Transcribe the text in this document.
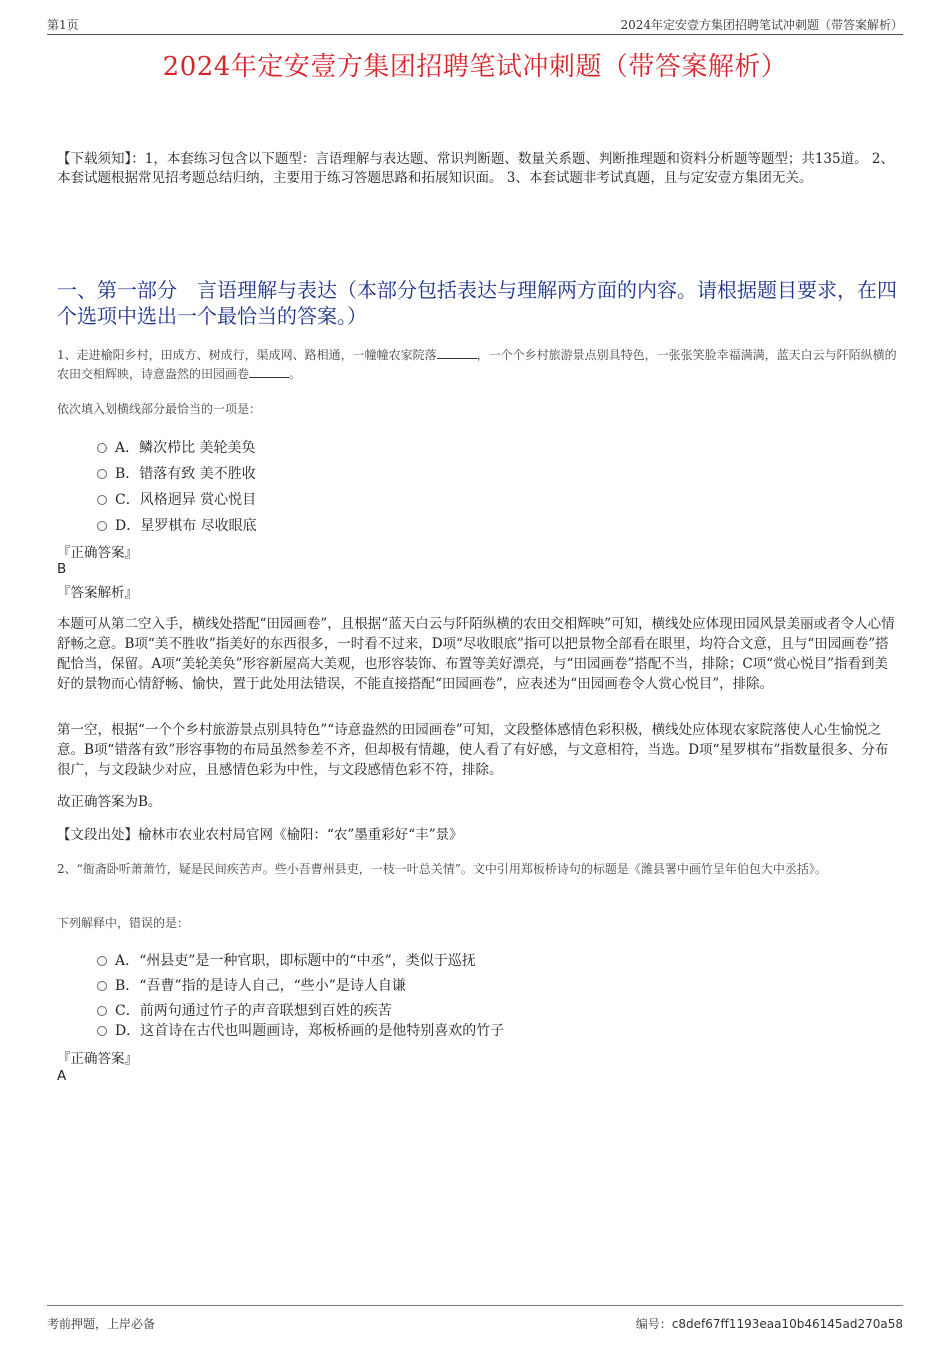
第1页	2024年定安壹方集团招聘笔试冲刺题（带答案解析）
2024年定安壹方集团招聘笔试冲刺题（带答案解析）
【下载须知】：1，本套练习包含以下题型：言语理解与表达题、常识判断题、数量关系题、判断推理题和资料分析题等题型；共135道。 2、本套试题根据常见招考题总结归纳，主要用于练习答题思路和拓展知识面。 3、本套试题非考试真题，且与定安壹方集团无关。
一、第一部分　言语理解与表达（本部分包括表达与理解两方面的内容。请根据题目要求，在四个选项中选出一个最恰当的答案。）
1、走进榆阳乡村，田成方、树成行，渠成网、路相通，一幢幢农家院落	，一个个乡村旅游景点别具特色，一张张笑脸幸福满满，蓝天白云与阡陌纵横的农田交相辉映，诗意盎然的田园画卷	。
依次填入划横线部分最恰当的一项是：
A．鳞次栉比 美轮美奂
B．错落有致 美不胜收
C．风格迥异 赏心悦目
D．星罗棋布 尽收眼底
『正确答案』
B
『答案解析』
本题可从第二空入手，横线处搭配“田园画卷”，且根据“蓝天白云与阡陌纵横的农田交相辉映”可知，横线处应体现田园风景美丽或者令人心情舒畅之意。B项“美不胜收”指美好的东西很多，一时看不过来，D项“尽收眼底”指可以把景物全部看在眼里，均符合文意，且与“田园画卷”搭配恰当，保留。A项“美轮美奂”形容新屋高大美观，也形容装饰、布置等美好漂亮，与“田园画卷”搭配不当，排除；C项“赏心悦目”指看到美好的景物而心情舒畅、愉快，置于此处用法错误，不能直接搭配“田园画卷”，应表述为“田园画卷令人赏心悦目”，排除。
第一空，根据“一个个乡村旅游景点别具特色”“诗意盎然的田园画卷”可知，文段整体感情色彩积极，横线处应体现农家院落使人心生愉悦之意。B项“错落有致”形容事物的布局虽然参差不齐，但却极有情趣，使人看了有好感，与文意相符，当选。D项“星罗棋布”指数量很多、分布很广，与文段缺少对应，且感情色彩为中性，与文段感情色彩不符，排除。
故正确答案为B。
【文段出处】榆林市农业农村局官网《榆阳：“农”墨重彩好“丰”景》
2、“衙斋卧听萧萧竹，疑是民间疾苦声。些小吾曹州县吏，一枝一叶总关情”。文中引用郑板桥诗句的标题是《潍县署中画竹呈年伯包大中丞括》。
下列解释中，错误的是：
A．“州县吏”是一种官职，即标题中的“中丞”，类似于巡抚
B．“吾曹”指的是诗人自己，“些小”是诗人自谦
C．前两句通过竹子的声音联想到百姓的疾苦
D．这首诗在古代也叫题画诗，郑板桥画的是他特别喜欢的竹子
『正确答案』
A
考前押题，上岸必备	编号：c8def67ff1193eaa10b46145ad270a58
